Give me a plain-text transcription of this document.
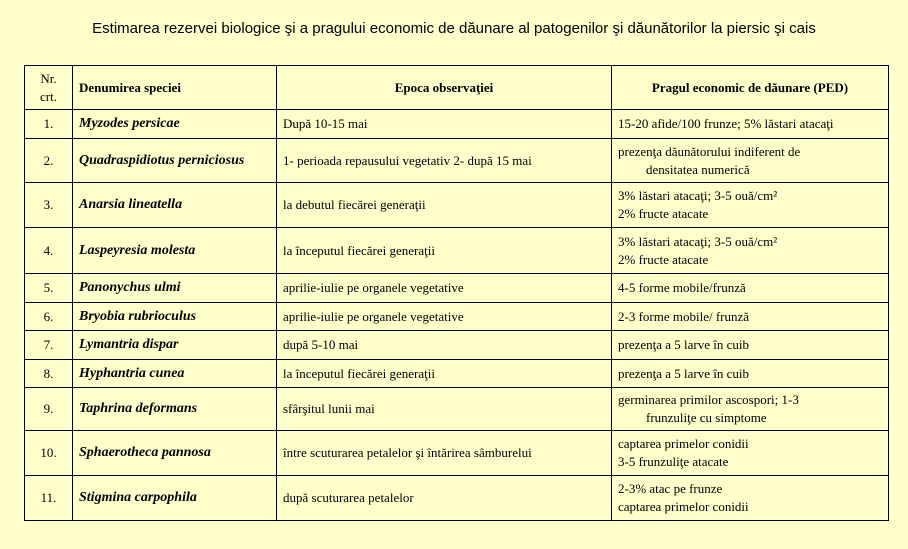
Estimarea rezervei biologice şi a pragului economic de dăunare al patogenilor şi dăunătorilor la piersic şi cais
Nr. crt.	Denumirea speciei	Epoca observaţiei	Pragul economic de dăunare (PED)
1.	Myzodes persicae	După 10-15 mai	15-20 afide/100 frunze; 5% lăstari atacaţi

2.	Quadraspidiotus perniciosus	1- perioada repausului vegetativ 2- după 15 mai	prezenţa dăunătorului indiferent de
densitatea numerică

3.	Anarsia lineatella	la debutul fiecărei generaţii	3% lăstari atacaţi; 3-5 ouă/cm²
2% fructe atacate

4.	Laspeyresia molesta	la începutul fiecărei generaţii	3% lăstari atacaţi; 3-5 ouă/cm²
2% fructe atacate

5.	Panonychus ulmi	aprilie-iulie pe organele vegetative	4-5 forme mobile/frunză

6.	Bryobia rubrioculus	aprilie-iulie pe organele vegetative	2-3 forme mobile/ frunză

7.	Lymantria dispar	după 5-10 mai	prezenţa a 5 larve în cuib

8.	Hyphantria cunea	la începutul fiecărei generaţii	prezenţa a 5 larve în cuib

9.	Taphrina deformans	sfârşitul lunii mai	germinarea primilor ascospori; 1-3
frunzuliţe cu simptome

10.	Sphaerotheca pannosa	între scuturarea petalelor şi întărirea sâmburelui	captarea primelor conidii
3-5 frunzuliţe atacate

11.	Stigmina carpophila	după scuturarea petalelor	2-3% atac pe frunze
captarea primelor conidii
